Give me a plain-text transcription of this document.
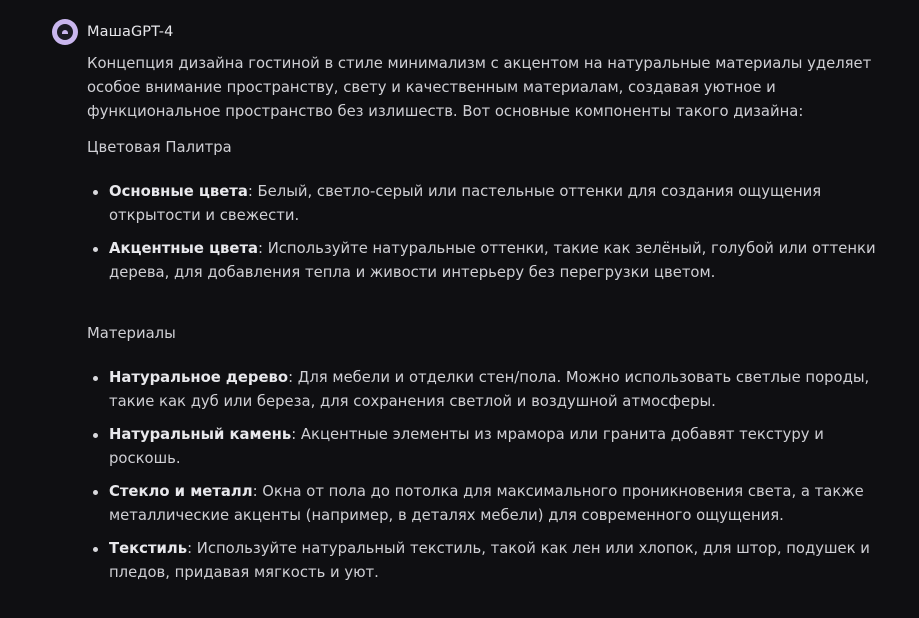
МашаGPT-4

Концепция дизайна гостиной в стиле минимализм с акцентом на натуральные материалы уделяет особое внимание пространству, свету и качественным материалам, создавая уютное и функциональное пространство без излишеств. Вот основные компоненты такого дизайна:

Цветовая Палитра

Основные цвета: Белый, светло-серый или пастельные оттенки для создания ощущения открытости и свежести.
Акцентные цвета: Используйте натуральные оттенки, такие как зелёный, голубой или оттенки дерева, для добавления тепла и живости интерьеру без перегрузки цветом.

Материалы

Натуральное дерево: Для мебели и отделки стен/пола. Можно использовать светлые породы, такие как дуб или береза, для сохранения светлой и воздушной атмосферы.
Натуральный камень: Акцентные элементы из мрамора или гранита добавят текстуру и роскошь.
Стекло и металл: Окна от пола до потолка для максимального проникновения света, а также металлические акценты (например, в деталях мебели) для современного ощущения.
Текстиль: Используйте натуральный текстиль, такой как лен или хлопок, для штор, подушек и пледов, придавая мягкость и уют.
